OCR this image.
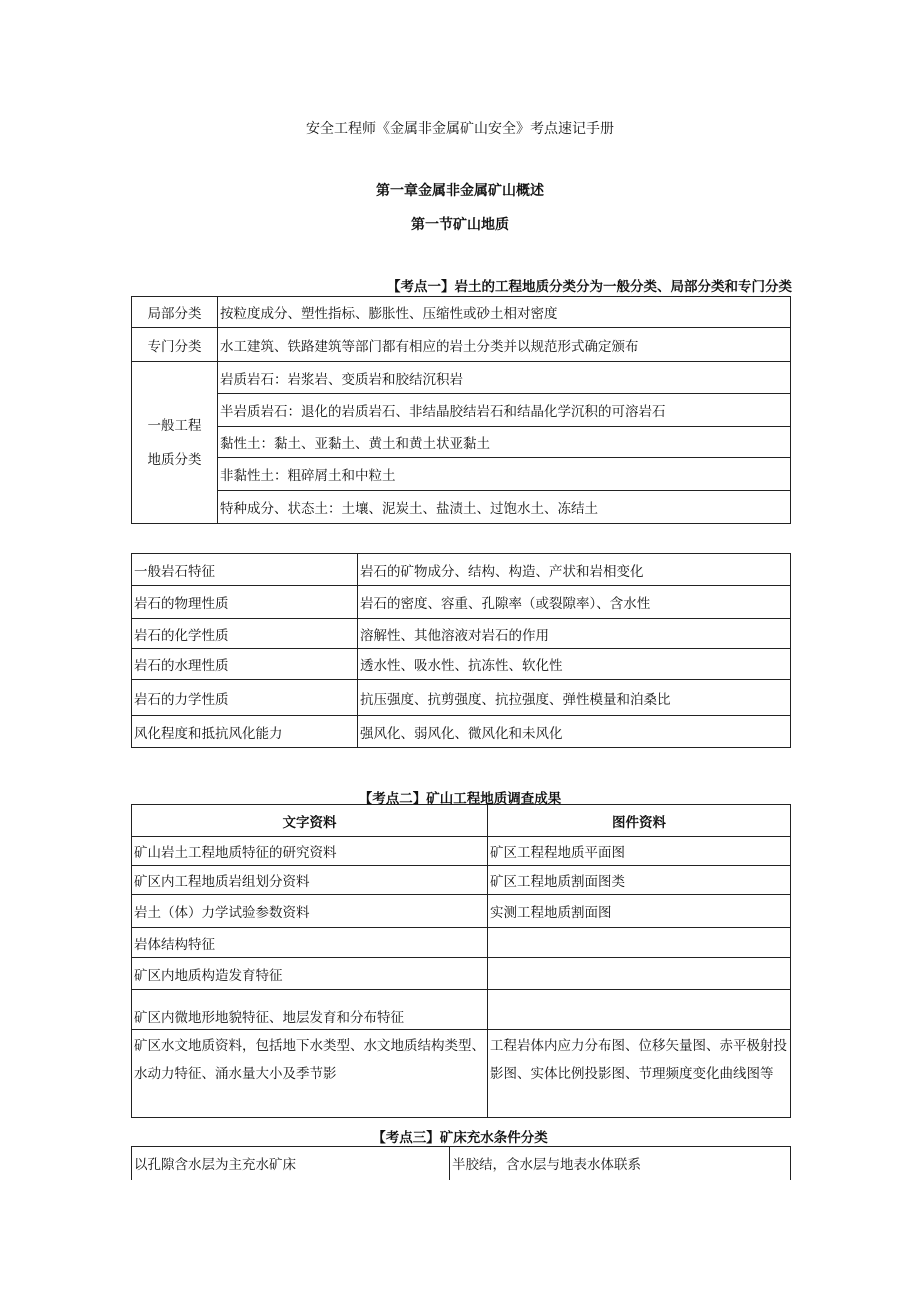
安全工程师《金属非金属矿山安全》考点速记手册
第一章金属非金属矿山概述
第一节矿山地质
【考点一】岩土的工程地质分类分为一般分类、局部分类和专门分类
局部分类	按粒度成分、塑性指标、膨胀性、压缩性或砂土相对密度
专门分类	水工建筑、铁路建筑等部门都有相应的岩土分类并以规范形式确定颁布
一般工程地质分类	岩质岩石：岩浆岩、变质岩和胶结沉积岩
	半岩质岩石：退化的岩质岩石、非结晶胶结岩石和结晶化学沉积的可溶岩石
	黏性土：黏土、亚黏土、黄土和黄土状亚黏土
	非黏性土：粗碎屑土和中粒土
	特种成分、状态土：土壤、泥炭土、盐渍土、过饱水土、冻结土
一般岩石特征	岩石的矿物成分、结构、构造、产状和岩相变化
岩石的物理性质	岩石的密度、容重、孔隙率（或裂隙率）、含水性
岩石的化学性质	溶解性、其他溶液对岩石的作用
岩石的水理性质	透水性、吸水性、抗冻性、软化性
岩石的力学性质	抗压强度、抗剪强度、抗拉强度、弹性模量和泊桑比
风化程度和抵抗风化能力	强风化、弱风化、微风化和未风化
【考点二】矿山工程地质调查成果
文字资料	图件资料
矿山岩土工程地质特征的研究资料	矿区工程程地质平面图
矿区内工程地质岩组划分资料	矿区工程地质割面图类
岩土（体）力学试验参数资料	实测工程地质割面图
岩体结构特征	
矿区内地质构造发育特征	
矿区内微地形地貌特征、地层发育和分布特征	
矿区水文地质资料，包括地下水类型、水文地质结构类型、水动力特征、涌水量大小及季节影	工程岩体内应力分布图、位移矢量图、赤平极射投影图、实体比例投影图、节理频度变化曲线图等
【考点三】矿床充水条件分类
以孔隙含水层为主充水矿床	半胶结，含水层与地表水体联系
